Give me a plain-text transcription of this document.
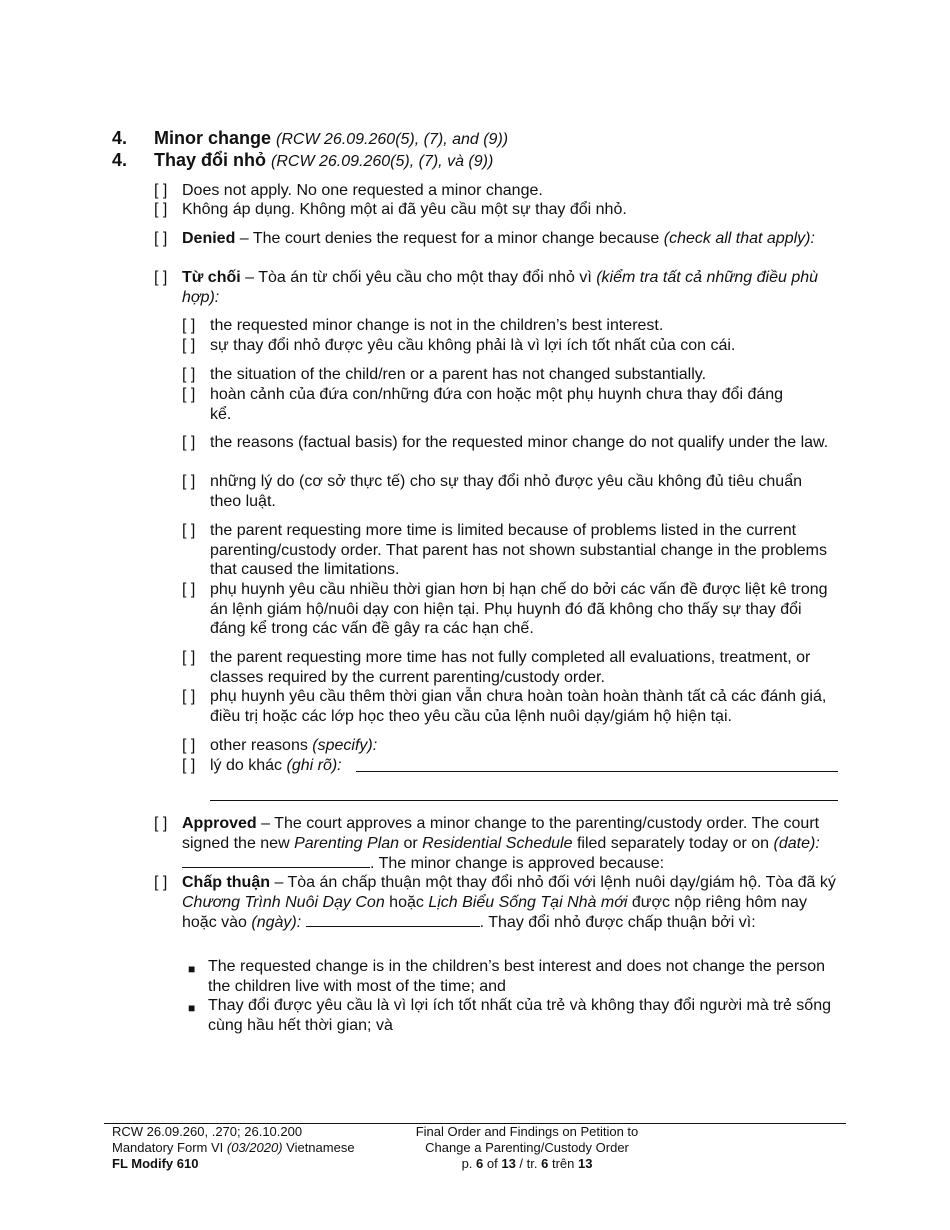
4. Minor change (RCW 26.09.260(5), (7), and (9))
4. Thay đổi nhỏ (RCW 26.09.260(5), (7), và (9))
[ ] Does not apply. No one requested a minor change.
[ ] Không áp dụng. Không một ai đã yêu cầu một sự thay đổi nhỏ.
[ ] Denied – The court denies the request for a minor change because (check all that apply):
[ ] Từ chối – Tòa án từ chối yêu cầu cho một thay đổi nhỏ vì (kiểm tra tất cả những điều phù hợp):
[ ] the requested minor change is not in the children’s best interest.
[ ] sự thay đổi nhỏ được yêu cầu không phải là vì lợi ích tốt nhất của con cái.
[ ] the situation of the child/ren or a parent has not changed substantially.
[ ] hoàn cảnh của đứa con/những đứa con hoặc một phụ huynh chưa thay đổi đáng kể.
[ ] the reasons (factual basis) for the requested minor change do not qualify under the law.
[ ] những lý do (cơ sở thực tế) cho sự thay đổi nhỏ được yêu cầu không đủ tiêu chuẩn theo luật.
[ ] the parent requesting more time is limited because of problems listed in the current parenting/custody order. That parent has not shown substantial change in the problems that caused the limitations.
[ ] phụ huynh yêu cầu nhiều thời gian hơn bị hạn chế do bởi các vấn đề được liệt kê trong án lệnh giám hộ/nuôi dạy con hiện tại. Phụ huynh đó đã không cho thấy sự thay đổi đáng kể trong các vấn đề gây ra các hạn chế.
[ ] the parent requesting more time has not fully completed all evaluations, treatment, or classes required by the current parenting/custody order.
[ ] phụ huynh yêu cầu thêm thời gian vẫn chưa hoàn toàn hoàn thành tất cả các đánh giá, điều trị hoặc các lớp học theo yêu cầu của lệnh nuôi dạy/giám hộ hiện tại.
[ ] other reasons (specify):
[ ] lý do khác (ghi rõ):
[ ] Approved – The court approves a minor change to the parenting/custody order. The court signed the new Parenting Plan or Residential Schedule filed separately today or on (date): . The minor change is approved because:
[ ] Chấp thuận – Tòa án chấp thuận một thay đổi nhỏ đối với lệnh nuôi dạy/giám hộ. Tòa đã ký Chương Trình Nuôi Dạy Con hoặc Lịch Biểu Sống Tại Nhà mới được nộp riêng hôm nay hoặc vào (ngày):	. Thay đổi nhỏ được chấp thuận bởi vì:
■ The requested change is in the children’s best interest and does not change the person the children live with most of the time; and
■ Thay đổi được yêu cầu là vì lợi ích tốt nhất của trẻ và không thay đổi người mà trẻ sống cùng hầu hết thời gian; và
RCW 26.09.260, .270; 26.10.200
Mandatory Form VI (03/2020) Vietnamese
FL Modify 610
Final Order and Findings on Petition to
Change a Parenting/Custody Order
p. 6 of 13 / tr. 6 trên 13
